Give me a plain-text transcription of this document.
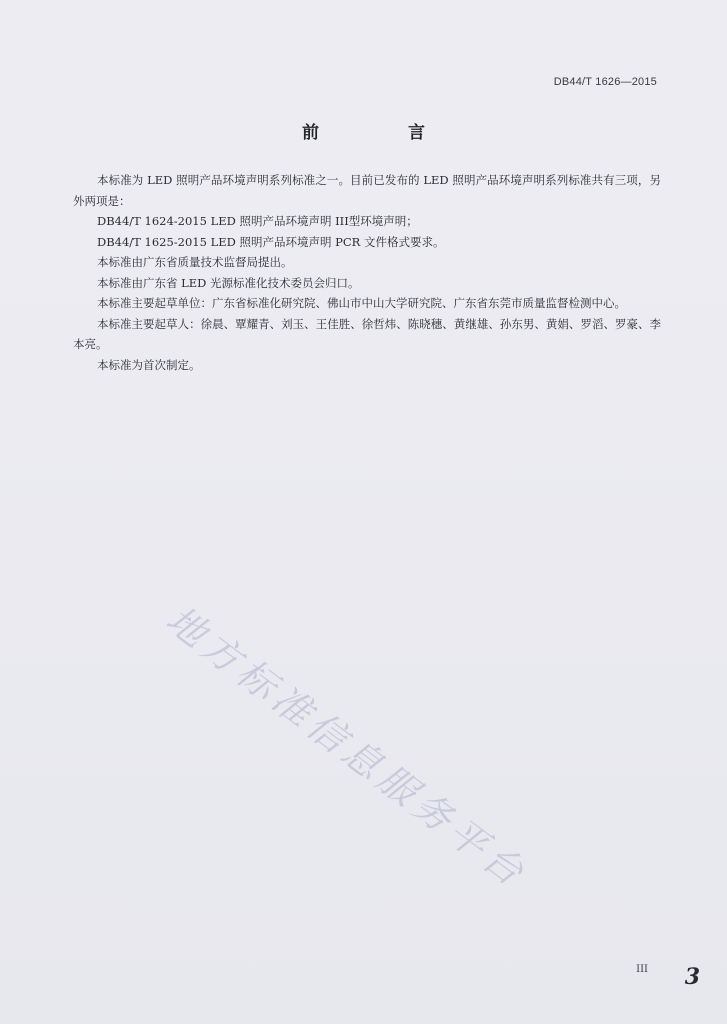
DB44/T 1626—2015
前　言

本标准为 LED 照明产品环境声明系列标准之一。目前已发布的 LED 照明产品环境声明系列标准共有三项，另外两项是：

DB44/T 1624-2015 LED 照明产品环境声明 III型环境声明；

DB44/T 1625-2015 LED 照明产品环境声明 PCR 文件格式要求。

本标准由广东省质量技术监督局提出。

本标准由广东省 LED 光源标准化技术委员会归口。

本标准主要起草单位：广东省标准化研究院、佛山市中山大学研究院、广东省东莞市质量监督检测中心。

本标准主要起草人：徐晨、覃耀青、刘玉、王佳胜、徐哲炜、陈晓穗、黄继雄、孙东男、黄娟、罗滔、罗豪、李本亮。

本标准为首次制定。

地方标准信息服务平台
III 3
